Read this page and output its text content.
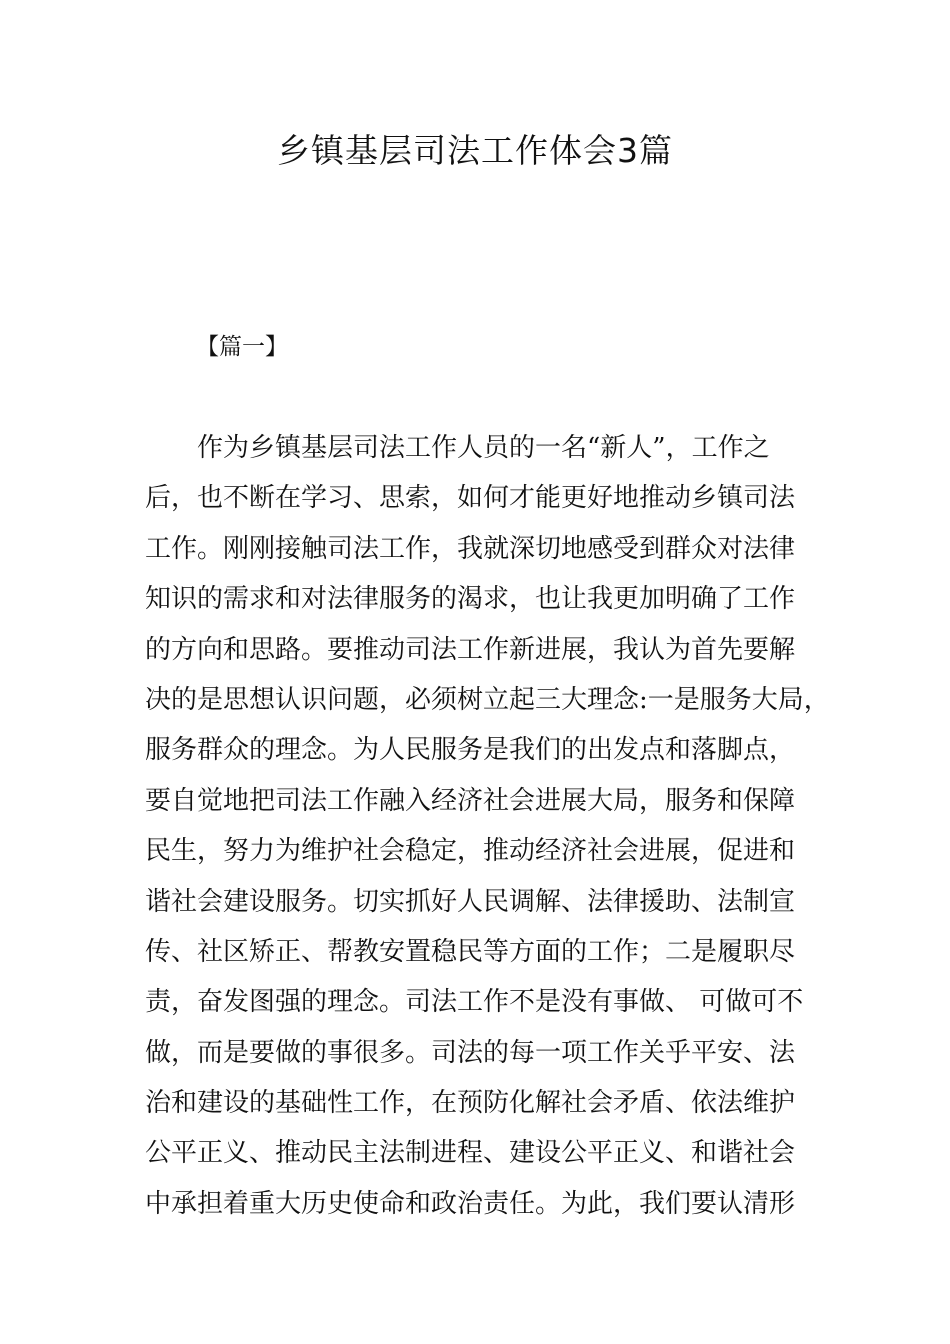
乡镇基层司法工作体会3篇

【篇一】

作为乡镇基层司法工作人员的一名“新人”，工作之
后，也不断在学习、思索，如何才能更好地推动乡镇司法
工作。刚刚接触司法工作，我就深切地感受到群众对法律
知识的需求和对法律服务的渴求，也让我更加明确了工作
的方向和思路。要推动司法工作新进展，我认为首先要解
决的是思想认识问题，必须树立起三大理念:一是服务大局，
服务群众的理念。为人民服务是我们的出发点和落脚点，
要自觉地把司法工作融入经济社会进展大局，服务和保障
民生，努力为维护社会稳定，推动经济社会进展，促进和
谐社会建设服务。切实抓好人民调解、法律援助、法制宣
传、社区矫正、帮教安置稳民等方面的工作；二是履职尽
责，奋发图强的理念。司法工作不是没有事做、 可做可不
做，而是要做的事很多。司法的每一项工作关乎平安、法
治和建设的基础性工作，在预防化解社会矛盾、依法维护
公平正义、推动民主法制进程、建设公平正义、和谐社会
中承担着重大历史使命和政治责任。为此，我们要认清形
